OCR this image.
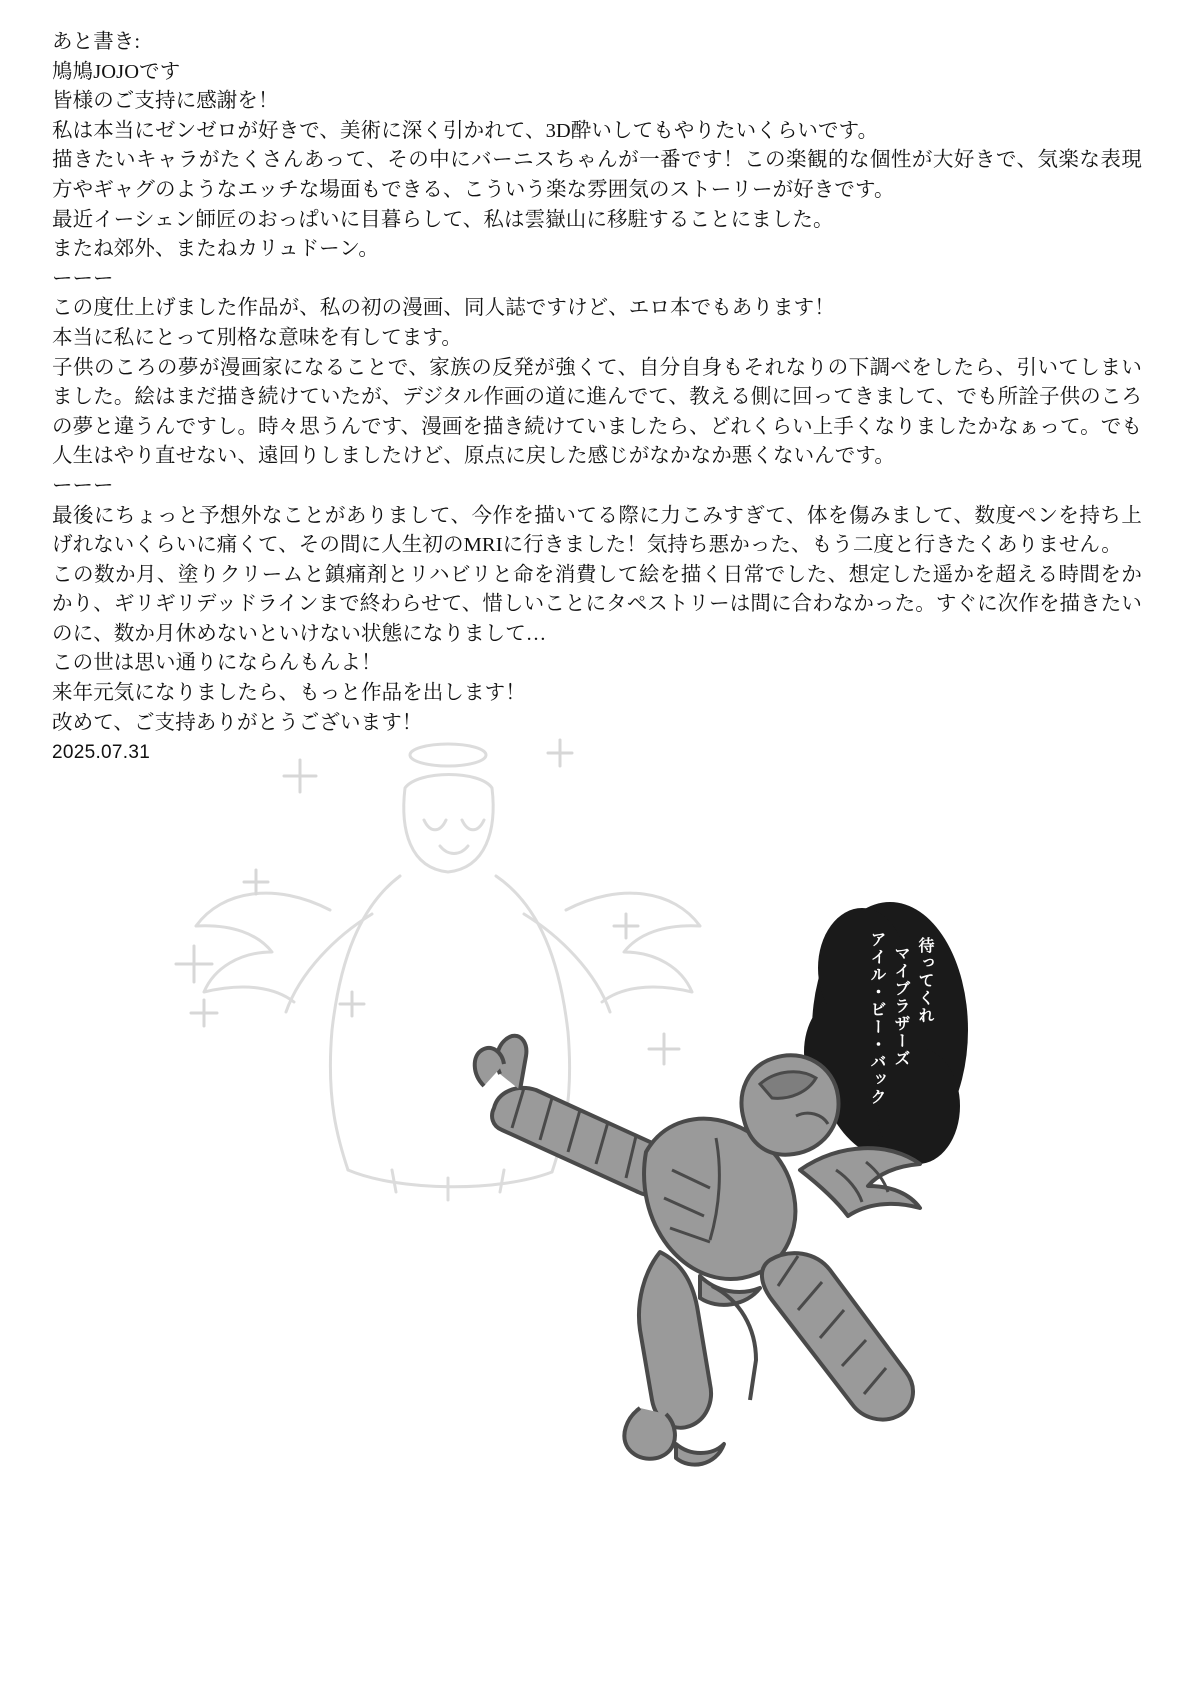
あと書き:

鳩鳩JOJOです

皆様のご支持に感謝を！

私は本当にゼンゼロが好きで、美術に深く引かれて、3D酔いしてもやりたいくらいです。

描きたいキャラがたくさんあって、その中にバーニスちゃんが一番です！この楽観的な個性が大好きで、気楽な表現方やギャグのようなエッチな場面もできる、こういう楽な雰囲気のストーリーが好きです。

最近イーシェン師匠のおっぱいに目暮らして、私は雲嶽山に移駐することにました。

またね郊外、またねカリュドーン。

ーーー

この度仕上げました作品が、私の初の漫画、同人誌ですけど、エロ本でもあります！

本当に私にとって別格な意味を有してます。

子供のころの夢が漫画家になることで、家族の反発が強くて、自分自身もそれなりの下調べをしたら、引いてしまいました。絵はまだ描き続けていたが、デジタル作画の道に進んでて、教える側に回ってきまして、でも所詮子供のころの夢と違うんですし。時々思うんです、漫画を描き続けていましたら、どれくらい上手くなりましたかなぁって。でも人生はやり直せない、遠回りしましたけど、原点に戻した感じがなかなか悪くないんです。

ーーー

最後にちょっと予想外なことがありまして、今作を描いてる際に力こみすぎて、体を傷みまして、数度ペンを持ち上げれないくらいに痛くて、その間に人生初のMRIに行きました！気持ち悪かった、もう二度と行きたくありません。

この数か月、塗りクリームと鎮痛剤とリハビリと命を消費して絵を描く日常でした、想定した遥かを超える時間をかかり、ギリギリデッドラインまで終わらせて、惜しいことにタペストリーは間に合わなかった。すぐに次作を描きたいのに、数か月休めないといけない状態になりまして…

この世は思い通りにならんもんよ！

来年元気になりましたら、もっと作品を出します！

改めて、ご支持ありがとうございます！

2025.07.31

待ってくれ
マイブラザーズ
アイル・ビー・バック
